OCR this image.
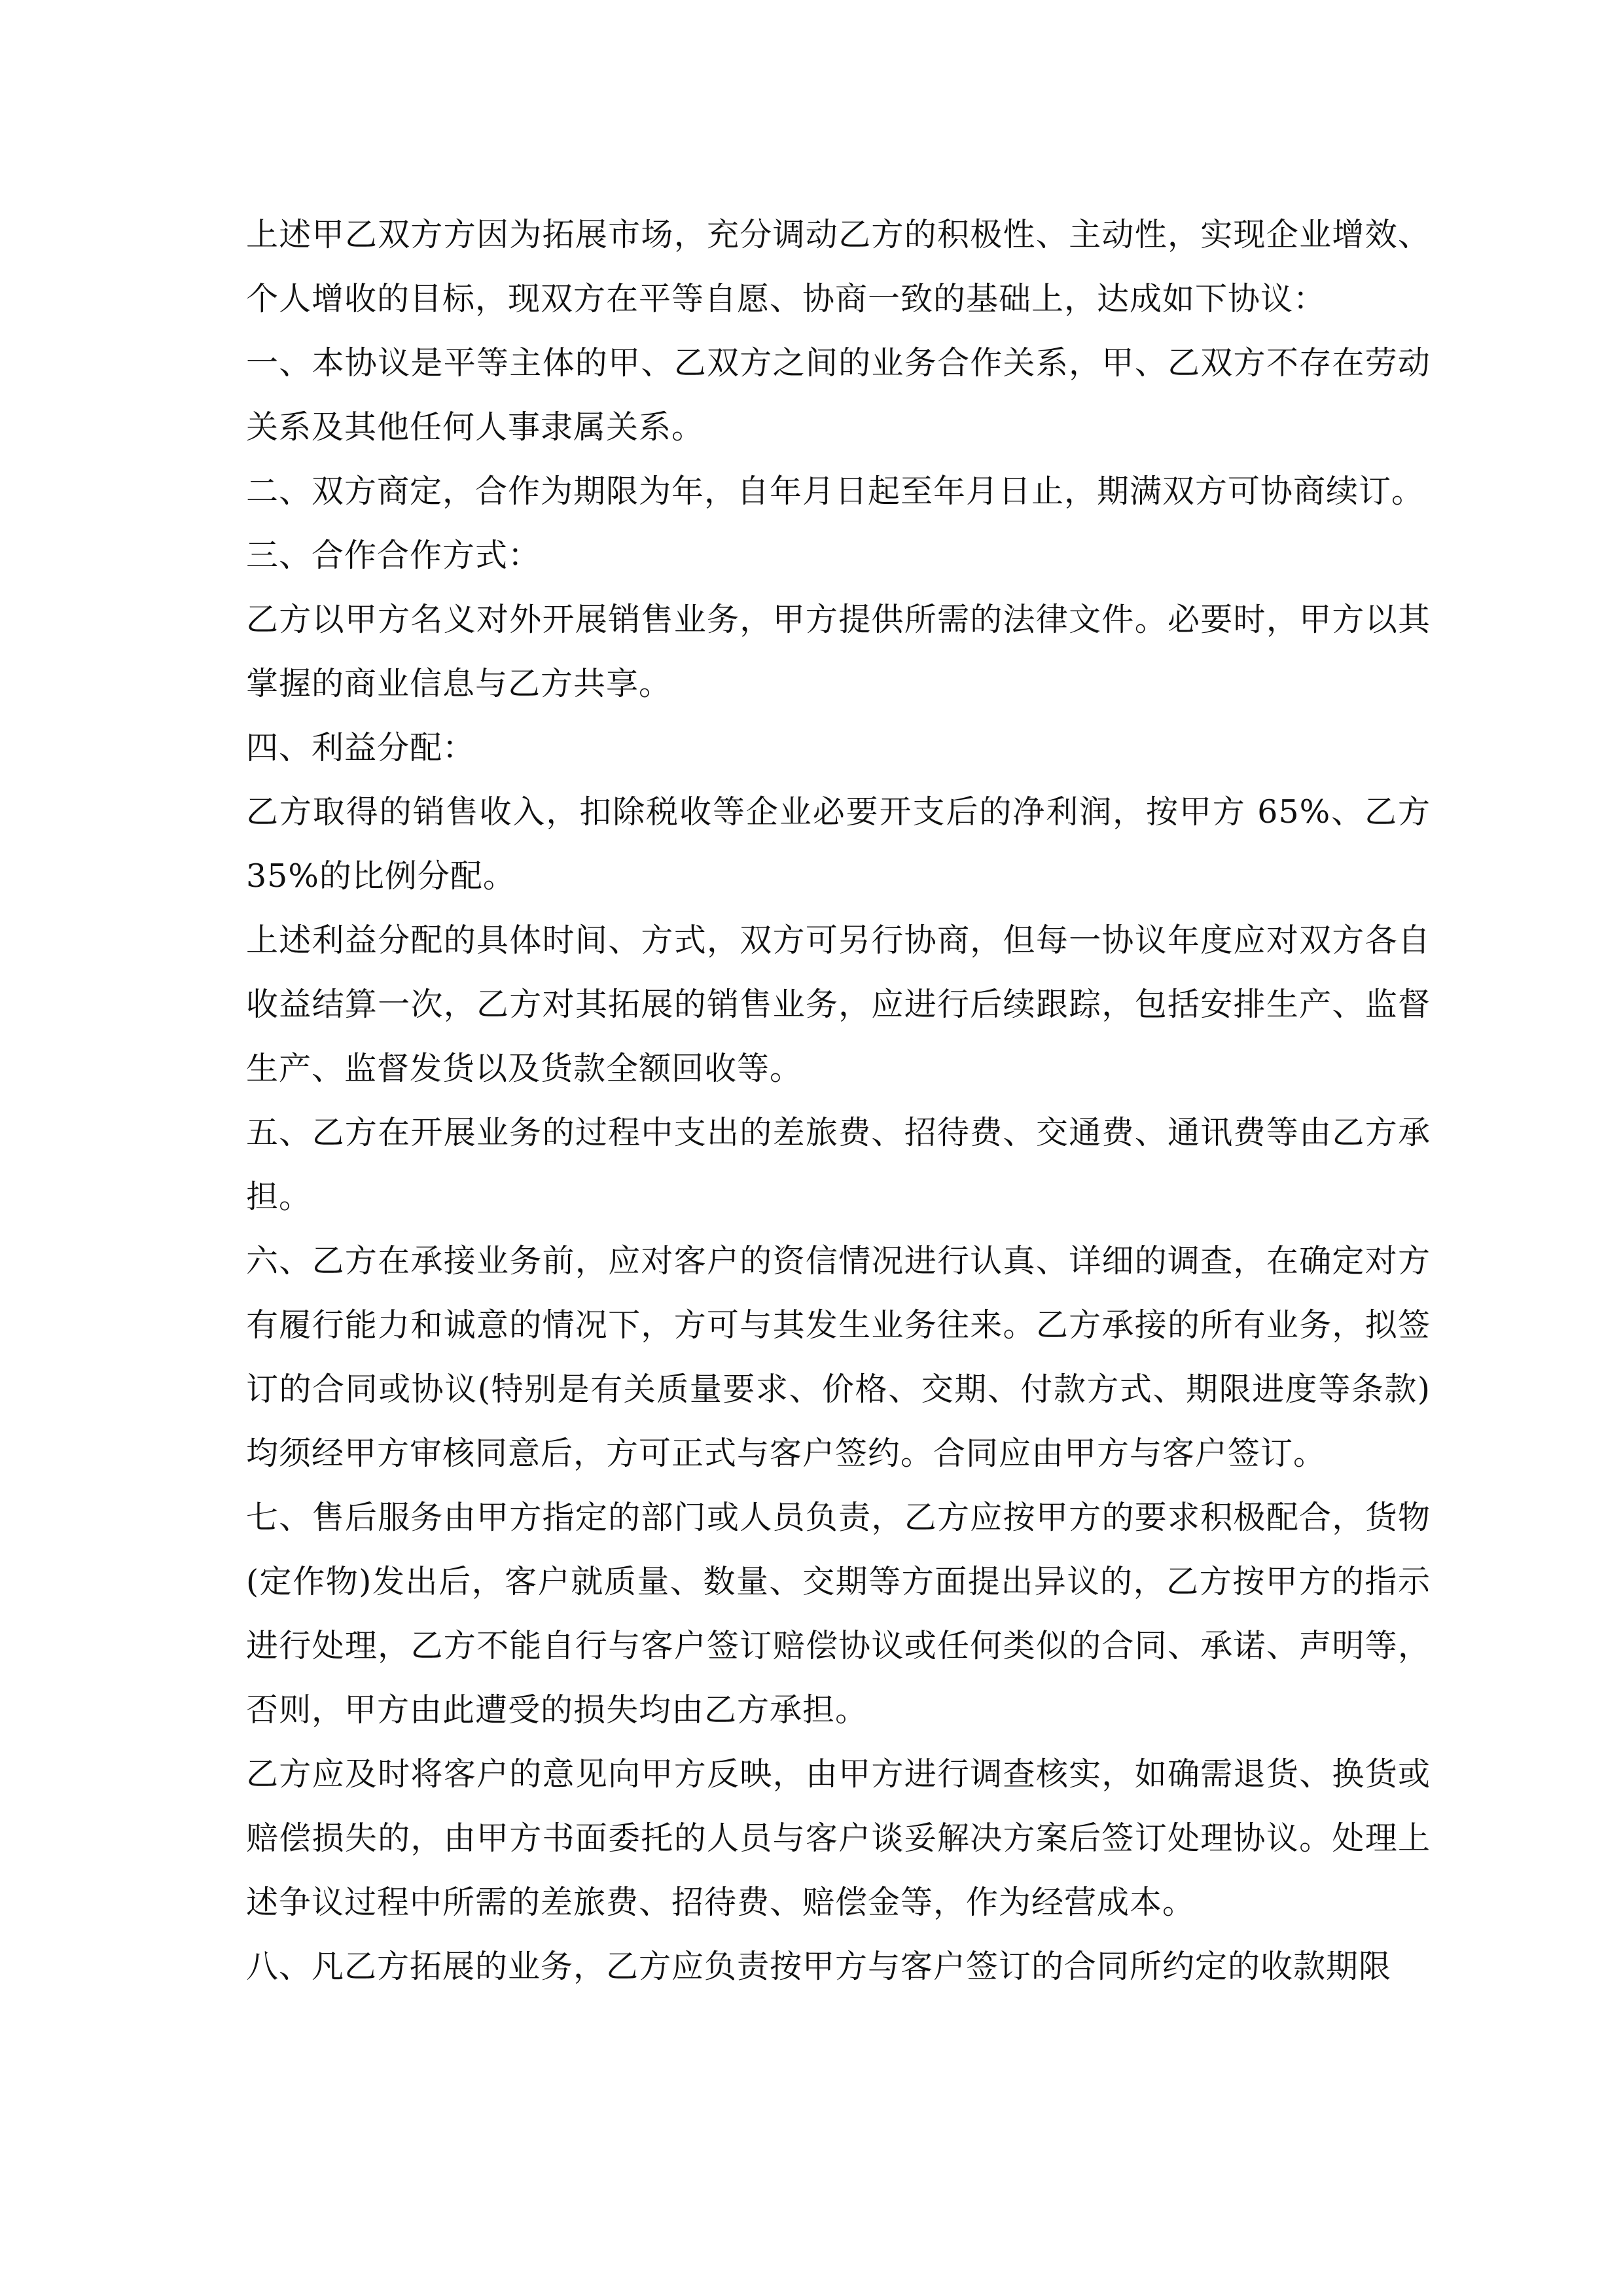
上述甲乙双方方因为拓展市场，充分调动乙方的积极性、主动性，实现企业增效、个人增收的目标，现双方在平等自愿、协商一致的基础上，达成如下协议：

一、本协议是平等主体的甲、乙双方之间的业务合作关系，甲、乙双方不存在劳动关系及其他任何人事隶属关系。

二、双方商定，合作为期限为年，自年月日起至年月日止，期满双方可协商续订。

三、合作合作方式：

乙方以甲方名义对外开展销售业务，甲方提供所需的法律文件。必要时，甲方以其掌握的商业信息与乙方共享。

四、利益分配：

乙方取得的销售收入，扣除税收等企业必要开支后的净利润，按甲方 65%、乙方 35%的比例分配。

上述利益分配的具体时间、方式，双方可另行协商，但每一协议年度应对双方各自收益结算一次，乙方对其拓展的销售业务，应进行后续跟踪，包括安排生产、监督生产、监督发货以及货款全额回收等。

五、乙方在开展业务的过程中支出的差旅费、招待费、交通费、通讯费等由乙方承担。

六、乙方在承接业务前，应对客户的资信情况进行认真、详细的调查，在确定对方有履行能力和诚意的情况下，方可与其发生业务往来。乙方承接的所有业务，拟签订的合同或协议(特别是有关质量要求、价格、交期、付款方式、期限进度等条款)均须经甲方审核同意后，方可正式与客户签约。合同应由甲方与客户签订。

七、售后服务由甲方指定的部门或人员负责，乙方应按甲方的要求积极配合，货物(定作物)发出后，客户就质量、数量、交期等方面提出异议的，乙方按甲方的指示进行处理，乙方不能自行与客户签订赔偿协议或任何类似的合同、承诺、声明等，否则，甲方由此遭受的损失均由乙方承担。

乙方应及时将客户的意见向甲方反映，由甲方进行调查核实，如确需退货、换货或赔偿损失的，由甲方书面委托的人员与客户谈妥解决方案后签订处理协议。处理上述争议过程中所需的差旅费、招待费、赔偿金等，作为经营成本。

八、凡乙方拓展的业务，乙方应负责按甲方与客户签订的合同所约定的收款期限
